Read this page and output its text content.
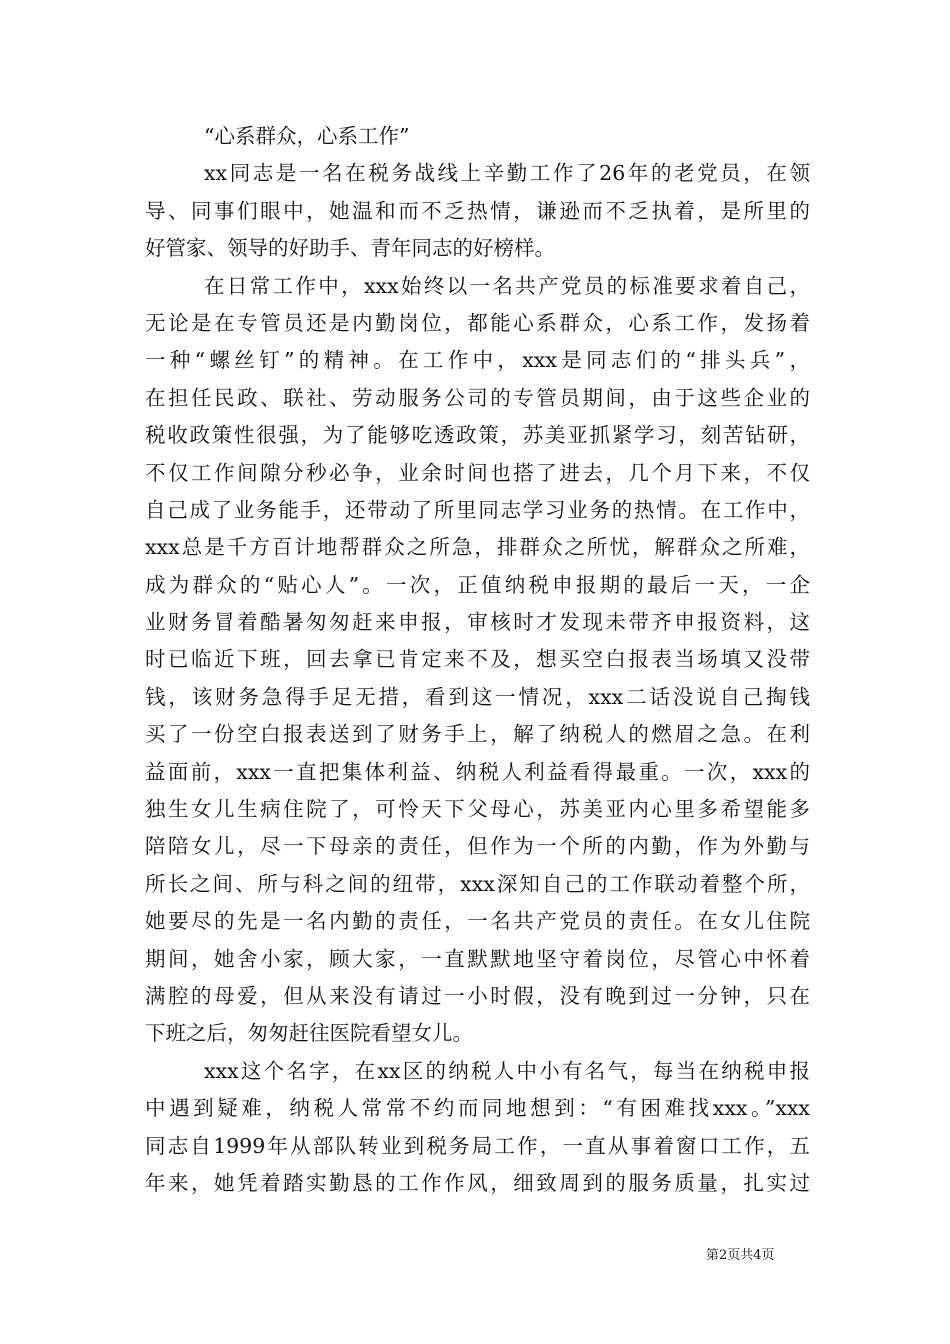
“心系群众，心系工作”
xx同志是一名在税务战线上辛勤工作了26年的老党员，在领
导、同事们眼中，她温和而不乏热情，谦逊而不乏执着，是所里的
好管家、领导的好助手、青年同志的好榜样。
在日常工作中，xxx始终以一名共产党员的标准要求着自己，
无论是在专管员还是内勤岗位，都能心系群众，心系工作，发扬着
一种“螺丝钉”的精神。在工作中，xxx是同志们的“排头兵”，
在担任民政、联社、劳动服务公司的专管员期间，由于这些企业的
税收政策性很强，为了能够吃透政策，苏美亚抓紧学习，刻苦钻研，
不仅工作间隙分秒必争，业余时间也搭了进去，几个月下来，不仅
自己成了业务能手，还带动了所里同志学习业务的热情。在工作中，
xxx总是千方百计地帮群众之所急，排群众之所忧，解群众之所难，
成为群众的“贴心人”。一次，正值纳税申报期的最后一天，一企
业财务冒着酷暑匆匆赶来申报，审核时才发现未带齐申报资料，这
时已临近下班，回去拿已肯定来不及，想买空白报表当场填又没带
钱，该财务急得手足无措，看到这一情况，xxx二话没说自己掏钱
买了一份空白报表送到了财务手上，解了纳税人的燃眉之急。在利
益面前，xxx一直把集体利益、纳税人利益看得最重。一次，xxx的
独生女儿生病住院了，可怜天下父母心，苏美亚内心里多希望能多
陪陪女儿，尽一下母亲的责任，但作为一个所的内勤，作为外勤与
所长之间、所与科之间的纽带，xxx深知自己的工作联动着整个所，
她要尽的先是一名内勤的责任，一名共产党员的责任。在女儿住院
期间，她舍小家，顾大家，一直默默地坚守着岗位，尽管心中怀着
满腔的母爱，但从来没有请过一小时假，没有晚到过一分钟，只在
下班之后，匆匆赶往医院看望女儿。
xxx这个名字，在xx区的纳税人中小有名气，每当在纳税申报
中遇到疑难，纳税人常常不约而同地想到：“有困难找xxx。”xxx
同志自1999年从部队转业到税务局工作，一直从事着窗口工作，五
年来，她凭着踏实勤恳的工作作风，细致周到的服务质量，扎实过
第2页共4页
